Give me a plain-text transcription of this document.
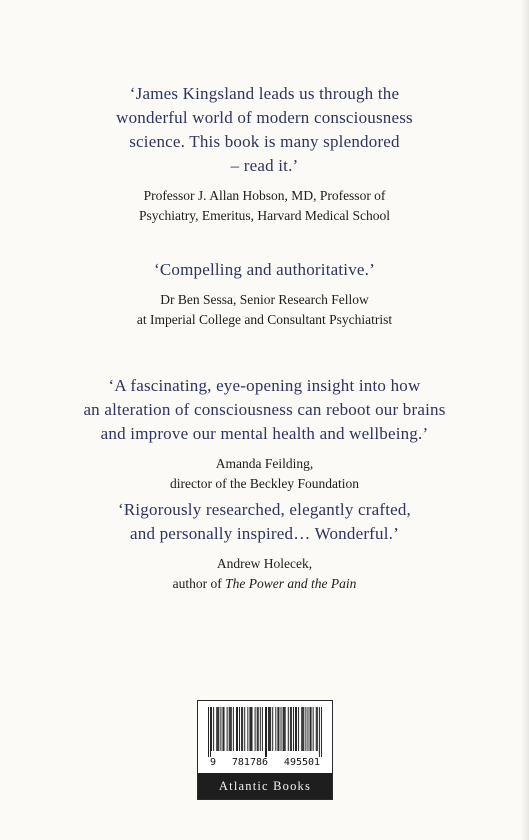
‘James Kingsland leads us through the
wonderful world of modern consciousness
science. This book is many splendored
– read it.’
Professor J. Allan Hobson, MD, Professor of
Psychiatry, Emeritus, Harvard Medical School
‘Compelling and authoritative.’
Dr Ben Sessa, Senior Research Fellow
at Imperial College and Consultant Psychiatrist
‘A fascinating, eye-opening insight into how
an alteration of consciousness can reboot our brains
and improve our mental health and wellbeing.’
Amanda Feilding,
director of the Beckley Foundation
‘Rigorously researched, elegantly crafted,
and personally inspired… Wonderful.’
Andrew Holecek,
author of The Power and the Pain
9 781786 495501
Atlantic Books
